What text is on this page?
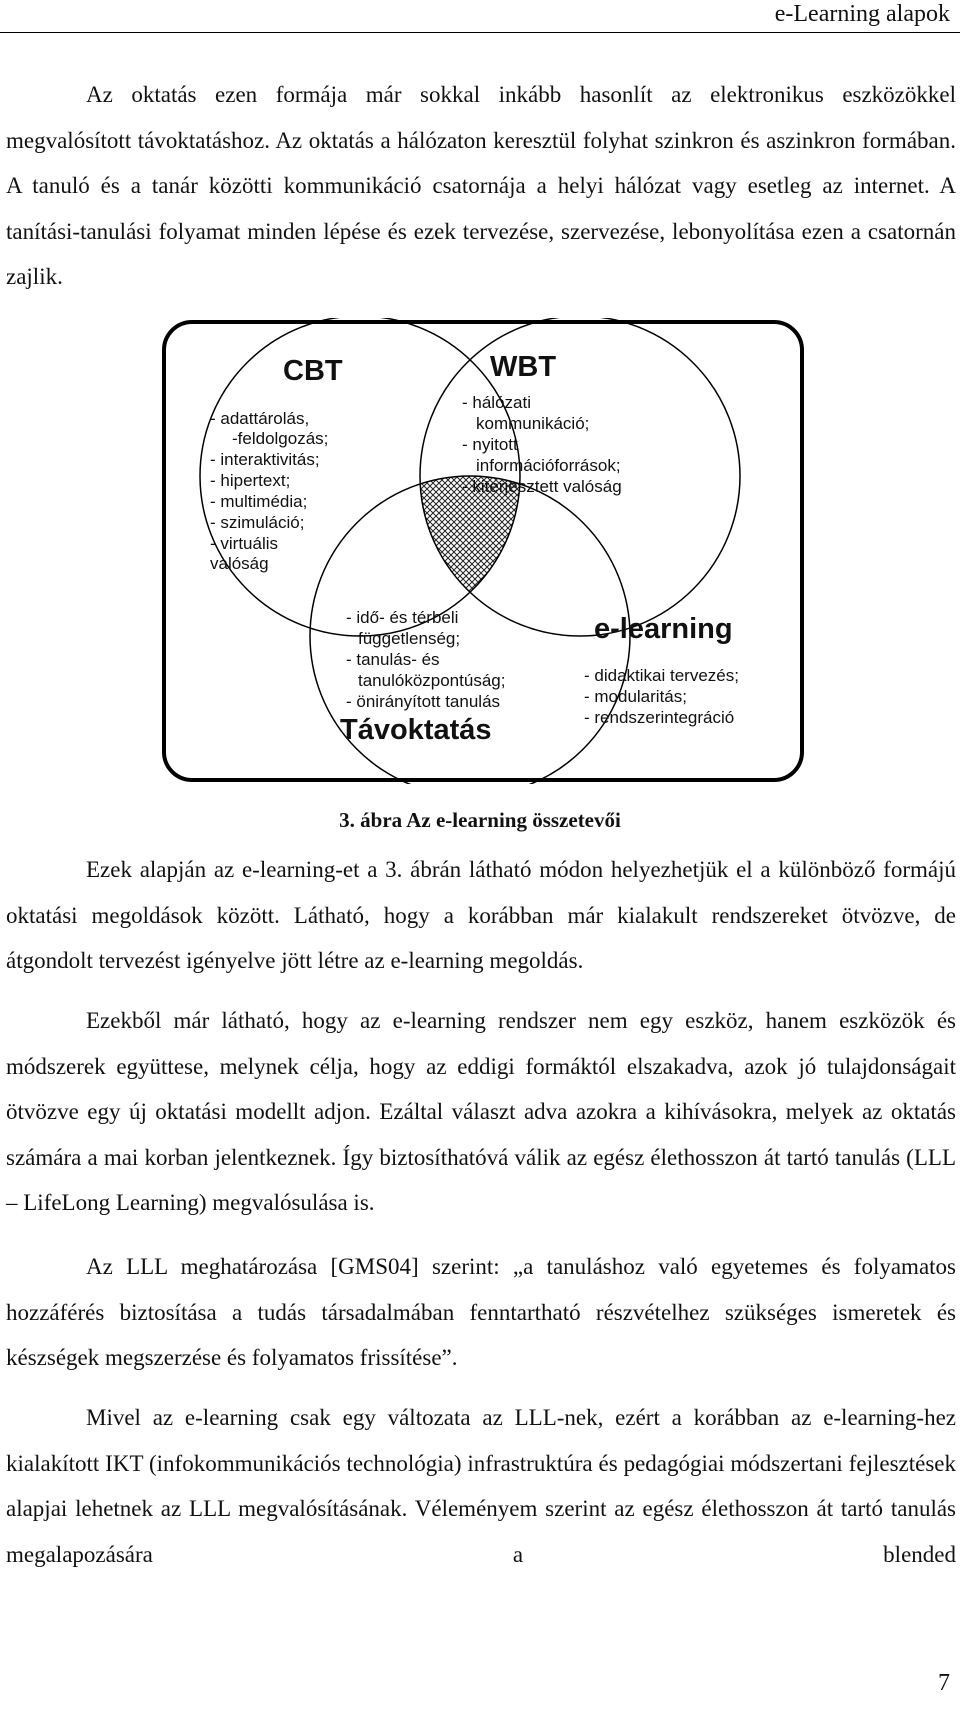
e-Learning alapok

Az oktatás ezen formája már sokkal inkább hasonlít az elektronikus eszközökkel megvalósított távoktatáshoz. Az oktatás a hálózaton keresztül folyhat szinkron és aszinkron formában. A tanuló és a tanár közötti kommunikáció csatornája a helyi hálózat vagy esetleg az internet. A tanítási-tanulási folyamat minden lépése és ezek tervezése, szervezése, lebonyolítása ezen a csatornán zajlik.

CBT
- adattárolás,
-feldolgozás;
- interaktivitás;
- hipertext;
- multimédia;
- szimuláció;
- virtuális
valóság
WBT
- hálózati
kommunikáció;
- nyitott
információforrások;
- kiterjesztett valóság
- idő- és térbeli
függetlenség;
- tanulás- és
tanulóközpontúság;
- önirányított tanulás
Távoktatás
e-learning
- didaktikai tervezés;
- modularitás;
- rendszerintegráció
3. ábra Az e-learning összetevői

Ezek alapján az e-learning-et a 3. ábrán látható módon helyezhetjük el a különböző formájú oktatási megoldások között. Látható, hogy a korábban már kialakult rendszereket ötvözve, de átgondolt tervezést igényelve jött létre az e-learning megoldás.

Ezekből már látható, hogy az e-learning rendszer nem egy eszköz, hanem eszközök és módszerek együttese, melynek célja, hogy az eddigi formáktól elszakadva, azok jó tulajdonságait ötvözve egy új oktatási modellt adjon. Ezáltal választ adva azokra a kihívásokra, melyek az oktatás számára a mai korban jelentkeznek. Így biztosíthatóvá válik az egész élethosszon át tartó tanulás (LLL – LifeLong Learning) megvalósulása is.

Az LLL meghatározása [GMS04] szerint: „a tanuláshoz való egyetemes és folyamatos hozzáférés biztosítása a tudás társadalmában fenntartható részvételhez szükséges ismeretek és készségek megszerzése és folyamatos frissítése”.

Mivel az e-learning csak egy változata az LLL-nek, ezért a korábban az e-learning-hez kialakított IKT (infokommunikációs technológia) infrastruktúra és pedagógiai módszertani fejlesztések alapjai lehetnek az LLL megvalósításának. Véleményem szerint az egész élethosszon át tartó tanulás megalapozására a blended

7
